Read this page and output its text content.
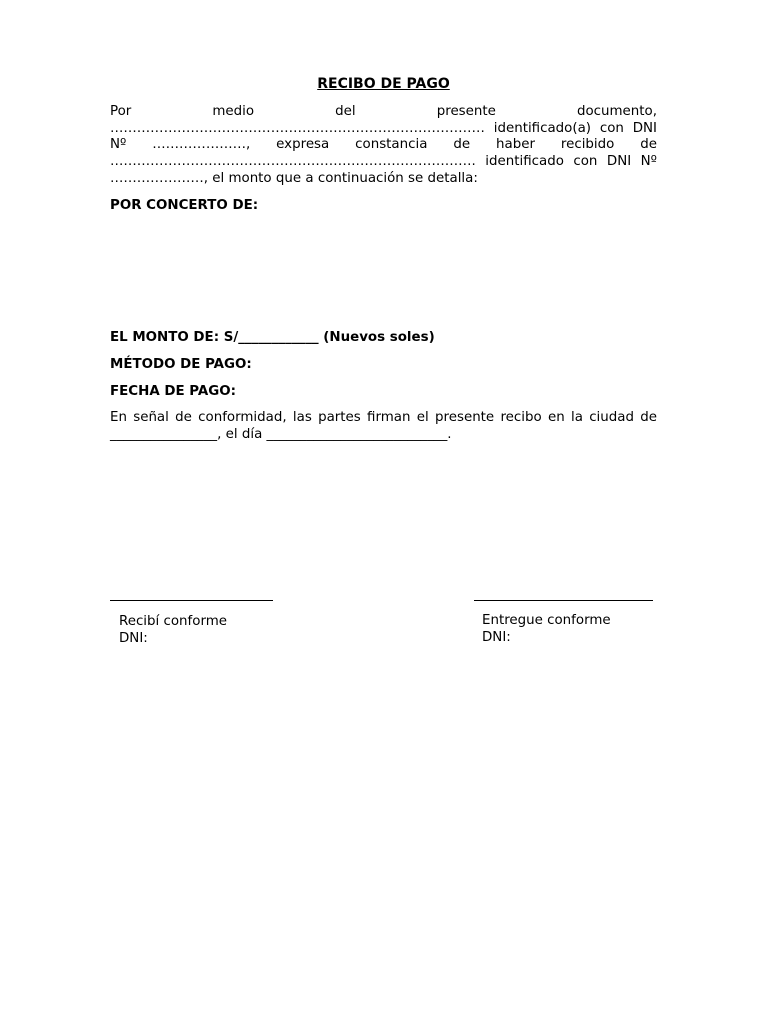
RECIBO DE PAGO

Por medio del presente documento, ………………………………………………………………………… identificado(a) con DNI Nº …………………, expresa constancia de haber recibido de ………………………………………………………………………. identificado con DNI Nº …………………, el monto que a continuación se detalla:

POR CONCERTO DE:

EL MONTO DE: S/____________ (Nuevos soles)

MÉTODO DE PAGO:

FECHA DE PAGO:

En señal de conformidad, las partes firman el presente recibo en la ciudad de ________________, el día ___________________________.

Recibí conforme
DNI:
Entregue conforme
DNI:
